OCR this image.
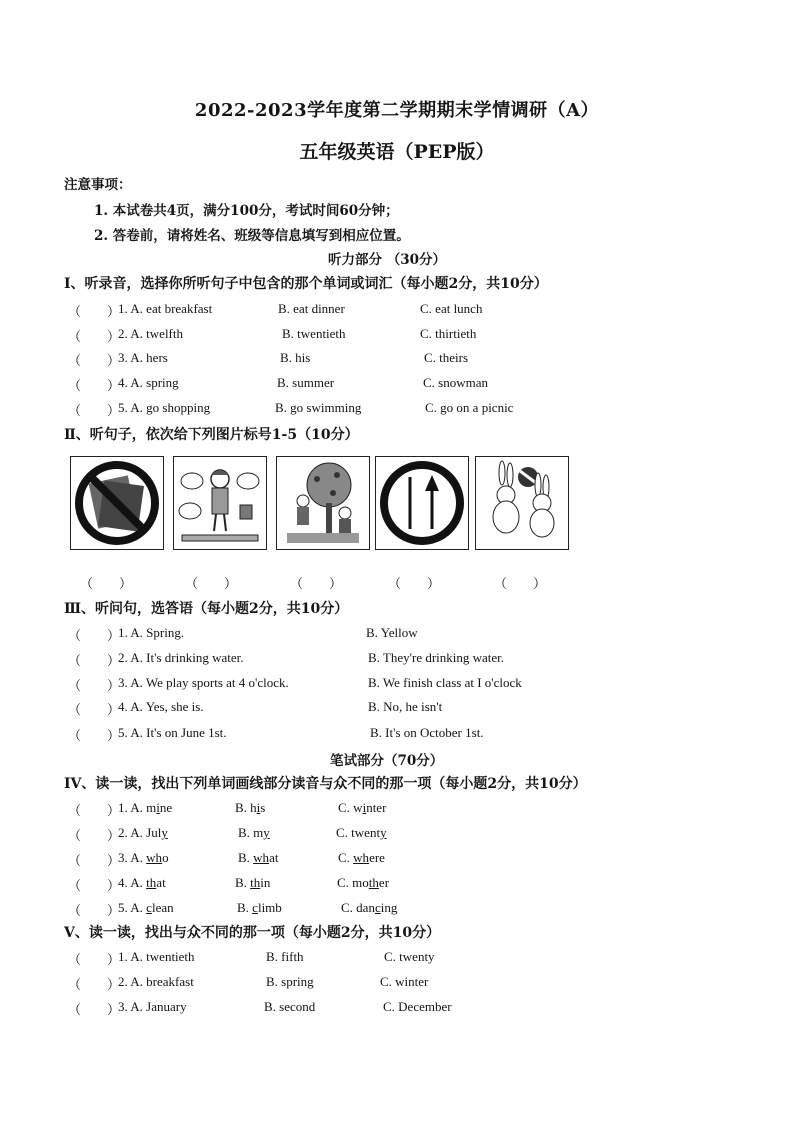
2022-2023学年度第二学期期末学情调研（A）
五年级英语（PEP版）
注意事项：
1. 本试卷共4页，满分100分，考试时间60分钟；
2. 答卷前，请将姓名、班级等信息填写到相应位置。
听力部分 （30分）
I、听录音，选择你所听句子中包含的那个单词或词汇（每小题2分，共10分）
（　　）
1. A. eat breakfast	B. eat dinner	C. eat lunch
（　　）
2. A. twelfth	B. twentieth	C. thirtieth
（　　）
3. A. hers	B. his	C. theirs
（　　）
4. A. spring	B. summer	C. snowman
（　　）
5. A. go shopping	B. go swimming	C. go on a picnic
Ⅱ、听句子，依次给下列图片标号1-5（10分）
（　　）	（　　）	（　　）	（　　）	（　　）
Ⅲ、听问句，选答语（每小题2分，共10分）
（　　）
1. A. Spring.	B. Yellow
（　　）
2. A. It's drinking water.	B. They're drinking water.
（　　）
3. A. We play sports at 4 o'clock.	B. We finish class at I o'clock
（　　）
4. A. Yes, she is.	B. No, he isn't
（　　）
5. A. It's on June 1st.	B. It's on October 1st.
笔试部分（70分）
IV、读一读，找出下列单词画线部分读音与众不同的那一项（每小题2分，共10分）
（　　）
1. A. mine	B. his	C. winter
（　　）
2. A. July	B. my	C. twenty
（　　）
3. A. who	B. what	C. where
（　　）
4. A. that	B. thin	C. mother
（　　）
5. A. clean	B. climb	C. dancing
V、读一读，找出与众不同的那一项（每小题2分，共10分）
（　　）
1. A. twentieth	B. fifth	C. twenty
（　　）
2. A. breakfast	B. spring	C. winter
（　　）
3. A. January	B. second	C. December
